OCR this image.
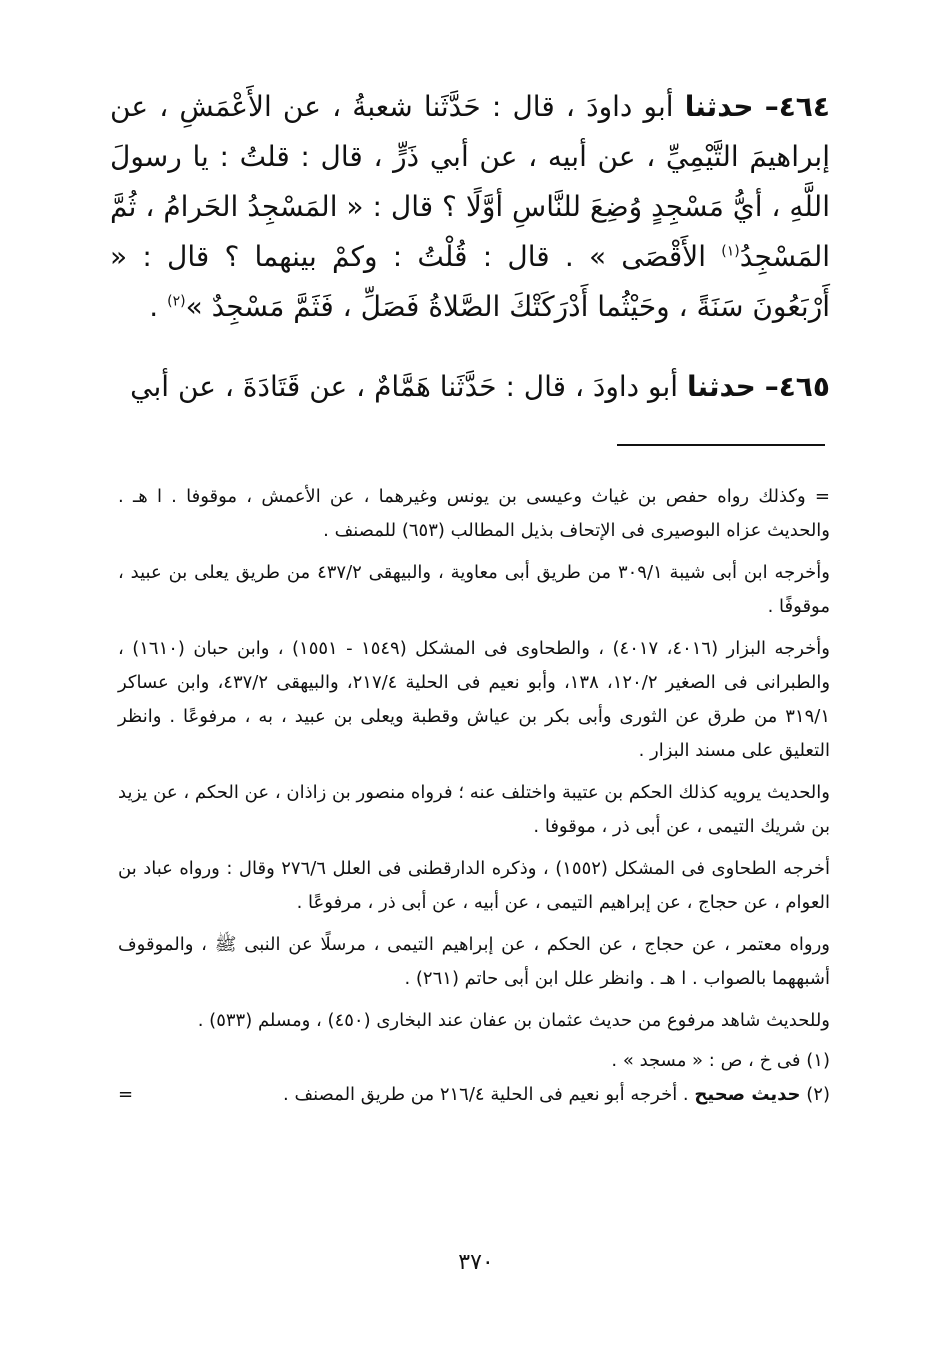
٤٦٤– حدثنا أبو داودَ ، قال : حَدَّثَنا شعبةُ ، عن الأَعْمَشِ ، عن إبراهيمَ التَّيْمِيِّ ، عن أبيه ، عن أبي ذَرٍّ ، قال : قلتُ : يا رسولَ اللَّهِ ، أيُّ مَسْجِدٍ وُضِعَ للنَّاسِ أوَّلًا ؟ قال : « المَسْجِدُ الحَرامُ ، ثُمَّ المَسْجِدُ$^{(١)}$ الأَقْصَى » . قال : قُلْتُ : وكمْ بينهما ؟ قال : « أَرْبَعُونَ سَنَةً ، وحَيْثُما أَدْرَكَتْكَ الصَّلاةُ فَصَلِّ ، فَثَمَّ مَسْجِدٌ »$^{(٢)}$ .

٤٦٥– حدثنا أبو داودَ ، قال : حَدَّثَنا هَمَّامٌ ، عن قَتَادَةَ ، عن أبي

= وكذلك رواه حفص بن غياث وعيسى بن يونس وغيرهما ، عن الأعمش ، موقوفا . ا هـ . والحديث عزاه البوصيرى فى الإتحاف بذيل المطالب (٦٥٣) للمصنف .

وأخرجه ابن أبى شيبة ٣٠٩/١ من طريق أبى معاوية ، والبيهقى ٤٣٧/٢ من طريق يعلى بن عبيد ، موقوفًا .

وأخرجه البزار (٤٠١٦، ٤٠١٧) ، والطحاوى فى المشكل (١٥٤٩ - ١٥٥١) ، وابن حبان (١٦١٠) ، والطبرانى فى الصغير ١٢٠/٢، ١٣٨، وأبو نعيم فى الحلية ٢١٧/٤، والبيهقى ٤٣٧/٢، وابن عساكر ٣١٩/١ من طرق عن الثورى وأبى بكر بن عياش وقطبة ويعلى بن عبيد ، به ، مرفوعًا . وانظر التعليق على مسند البزار .

والحديث يرويه كذلك الحكم بن عتيبة واختلف عنه ؛ فرواه منصور بن زاذان ، عن الحكم ، عن يزيد بن شريك التيمى ، عن أبى ذر ، موقوفا .

أخرجه الطحاوى فى المشكل (١٥٥٢) ، وذكره الدارقطنى فى العلل ٢٧٦/٦ وقال : ورواه عباد بن العوام ، عن حجاج ، عن إبراهيم التيمى ، عن أبيه ، عن أبى ذر ، مرفوعًا .

ورواه معتمر ، عن حجاج ، عن الحكم ، عن إبراهيم التيمى ، مرسلًا عن النبى ﷺ ، والموقوف أشبههما بالصواب . ا هـ . وانظر علل ابن أبى حاتم (٢٦١) .

وللحديث شاهد مرفوع من حديث عثمان بن عفان عند البخارى (٤٥٠) ، ومسلم (٥٣٣) .

(١) فى خ ، ص : « مسجد » .

(٢) حديث صحيح . أخرجه أبو نعيم فى الحلية ٢١٦/٤ من طريق المصنف .
=

٣٧٠
